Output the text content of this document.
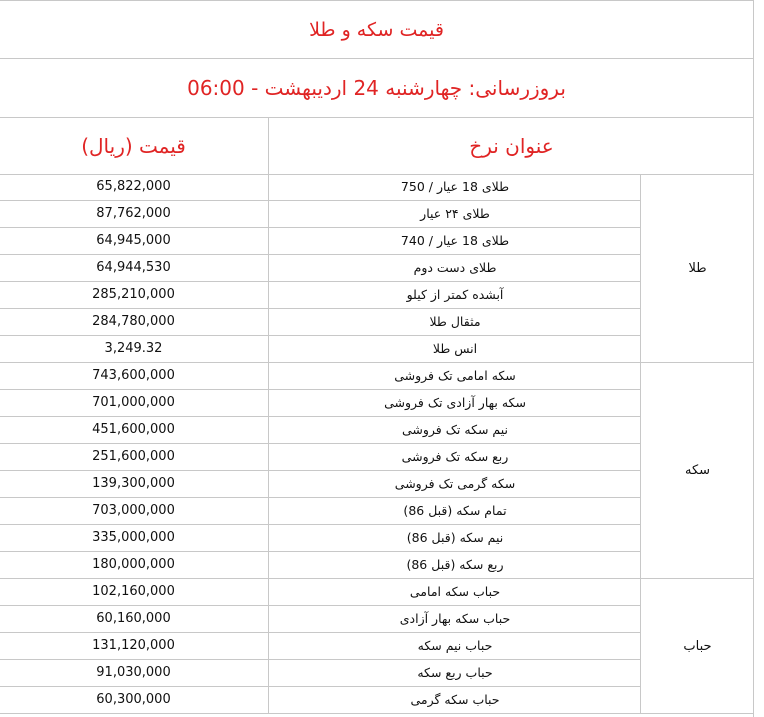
قیمت سکه و طلا
بروزرسانی: چهارشنبه 24 اردیبهشت - 06:00
قیمت (ریال)	عنوان نرخ
طلا
65,822,000	طلای 18 عیار / 750
87,762,000	طلای ۲۴ عیار
64,945,000	طلای 18 عیار / 740
64,944,530	طلای دست دوم
285,210,000	آبشده کمتر از کیلو
284,780,000	مثقال طلا
3,249.32	انس طلا
سکه
743,600,000	سکه امامی تک فروشی
701,000,000	سکه بهار آزادی تک فروشی
451,600,000	نیم سکه تک فروشی
251,600,000	ربع سکه تک فروشی
139,300,000	سکه گرمی تک فروشی
703,000,000	تمام سکه (قبل 86)
335,000,000	نیم سکه (قبل 86)
180,000,000	ربع سکه (قبل 86)
حباب
102,160,000	حباب سکه امامی
60,160,000	حباب سکه بهار آزادی
131,120,000	حباب نیم سکه
91,030,000	حباب ربع سکه
60,300,000	حباب سکه گرمی
